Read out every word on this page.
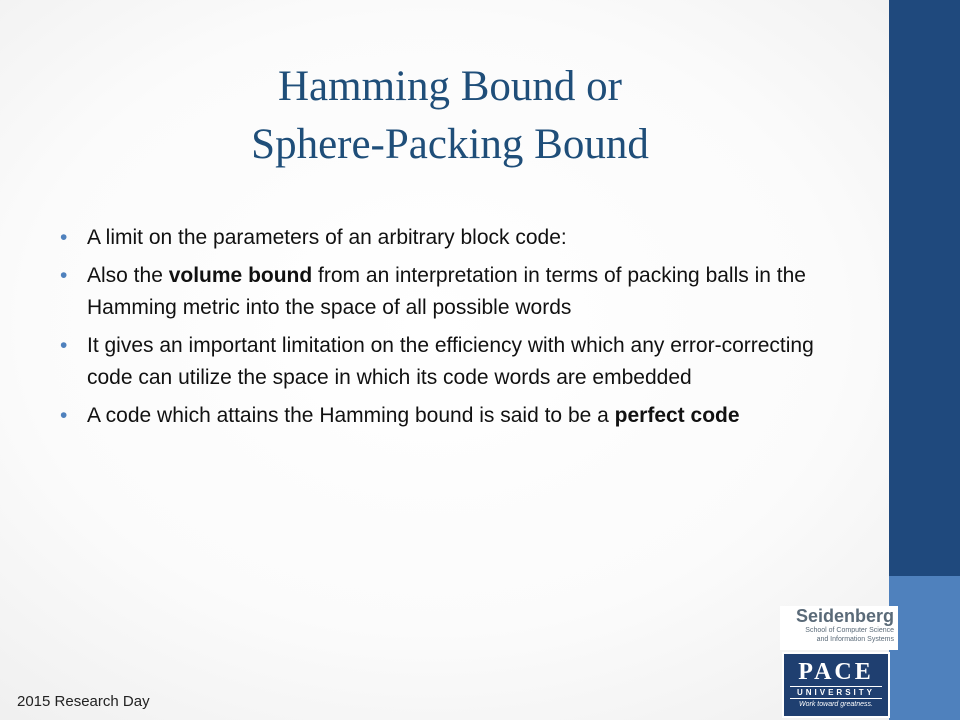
Hamming Bound or
Sphere-Packing Bound
• A limit on the parameters of an arbitrary block code:
• Also the volume bound from an interpretation in terms of packing balls in the Hamming metric into the space of all possible words
• It gives an important limitation on the efficiency with which any error-correcting code can utilize the space in which its code words are embedded
• A code which attains the Hamming bound is said to be a perfect code
2015 Research Day
Seidenberg
School of Computer Science
and Information Systems
PACE
UNIVERSITY
Work toward greatness.
